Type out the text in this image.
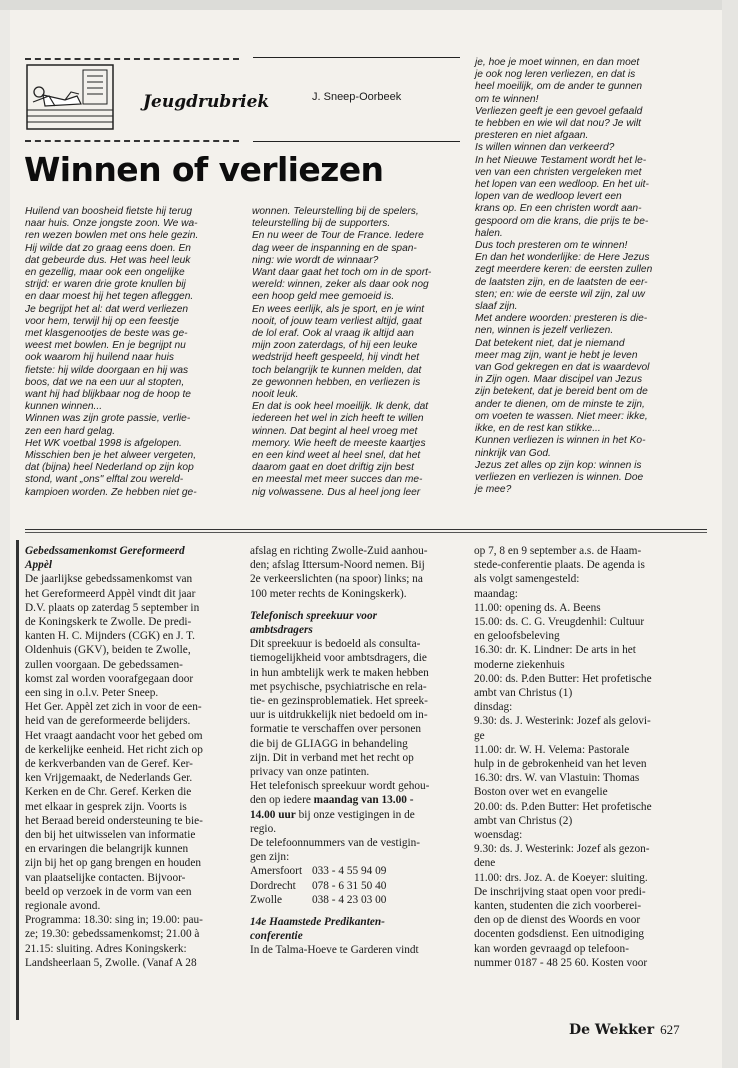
Jeugdrubriek	J. Sneep-Oorbeek
Winnen of verliezen
Huilend van boosheid fietste hij terug
naar huis. Onze jongste zoon. We wa-
ren wezen bowlen met ons hele gezin.
Hij wilde dat zo graag eens doen. En
dat gebeurde dus. Het was heel leuk
en gezellig, maar ook een ongelijke
strijd: er waren drie grote knullen bij
en daar moest hij het tegen afleggen.
Je begrijpt het al: dat werd verliezen
voor hem, terwijl hij op een feestje
met klasgenootjes de beste was ge-
weest met bowlen. En je begrijpt nu
ook waarom hij huilend naar huis
fietste: hij wilde doorgaan en hij was
boos, dat we na een uur al stopten,
want hij had blijkbaar nog de hoop te
kunnen winnen...
Winnen was zijn grote passie, verlie-
zen een hard gelag.
Het WK voetbal 1998 is afgelopen.
Misschien ben je het alweer vergeten,
dat (bijna) heel Nederland op zijn kop
stond, want „ons" elftal zou wereld-
kampioen worden. Ze hebben niet ge-
wonnen. Teleurstelling bij de spelers,
teleurstelling bij de supporters.
En nu weer de Tour de France. Iedere
dag weer de inspanning en de span-
ning: wie wordt de winnaar?
Want daar gaat het toch om in de sport-
wereld: winnen, zeker als daar ook nog
een hoop geld mee gemoeid is.
En wees eerlijk, als je sport, en je wint
nooit, of jouw team verliest altijd, gaat
de lol eraf. Ook al vraag ik altijd aan
mijn zoon zaterdags, of hij een leuke
wedstrijd heeft gespeeld, hij vindt het
toch belangrijk te kunnen melden, dat
ze gewonnen hebben, en verliezen is
nooit leuk.
En dat is ook heel moeilijk. Ik denk, dat
iedereen het wel in zich heeft te willen
winnen. Dat begint al heel vroeg met
memory. Wie heeft de meeste kaartjes
en een kind weet al heel snel, dat het
daarom gaat en doet driftig zijn best
en meestal met meer succes dan me-
nig volwassene. Dus al heel jong leer
je, hoe je moet winnen, en dan moet
je ook nog leren verliezen, en dat is
heel moeilijk, om de ander te gunnen
om te winnen!
Verliezen geeft je een gevoel gefaald
te hebben en wie wil dat nou? Je wilt
presteren en niet afgaan.
Is willen winnen dan verkeerd?
In het Nieuwe Testament wordt het le-
ven van een christen vergeleken met
het lopen van een wedloop. En het uit-
lopen van de wedloop levert een
krans op. En een christen wordt aan-
gespoord om die krans, die prijs te be-
halen.
Dus toch presteren om te winnen!
En dan het wonderlijke: de Here Jezus
zegt meerdere keren: de eersten zullen
de laatsten zijn, en de laatsten de eer-
sten; en: wie de eerste wil zijn, zal uw
slaaf zijn.
Met andere woorden: presteren is die-
nen, winnen is jezelf verliezen.
Dat betekent niet, dat je niemand
meer mag zijn, want je hebt je leven
van God gekregen en dat is waardevol
in Zijn ogen. Maar discipel van Jezus
zijn betekent, dat je bereid bent om de
ander te dienen, om de minste te zijn,
om voeten te wassen. Niet meer: ikke,
ikke, en de rest kan stikke...
Kunnen verliezen is winnen in het Ko-
ninkrijk van God.
Jezus zet alles op zijn kop: winnen is
verliezen en verliezen is winnen. Doe
je mee?
Gebedssamenkomst Gereformeerd
Appèl
De jaarlijkse gebedssamenkomst van
het Gereformeerd Appèl vindt dit jaar
D.V. plaats op zaterdag 5 september in
de Koningskerk te Zwolle. De predi-
kanten H. C. Mijnders (CGK) en J. T.
Oldenhuis (GKV), beiden te Zwolle,
zullen voorgaan. De gebedssamen-
komst zal worden voorafgegaan door
een sing in o.l.v. Peter Sneep.
Het Ger. Appèl zet zich in voor de een-
heid van de gereformeerde belijders.
Het vraagt aandacht voor het gebed om
de kerkelijke eenheid. Het richt zich op
de kerkverbanden van de Geref. Ker-
ken Vrijgemaakt, de Nederlands Ger.
Kerken en de Chr. Geref. Kerken die
met elkaar in gesprek zijn. Voorts is
het Beraad bereid ondersteuning te bie-
den bij het uitwisselen van informatie
en ervaringen die belangrijk kunnen
zijn bij het op gang brengen en houden
van plaatselijke contacten. Bijvoor-
beeld op verzoek in de vorm van een
regionale avond.
Programma: 18.30: sing in; 19.00: pau-
ze; 19.30: gebedssamenkomst; 21.00 à
21.15: sluiting. Adres Koningskerk:
Landsheerlaan 5, Zwolle. (Vanaf A 28
afslag en richting Zwolle-Zuid aanhou-
den; afslag Ittersum-Noord nemen. Bij
2e verkeerslichten (na spoor) links; na
100 meter rechts de Koningskerk).
Telefonisch spreekuur voor
ambtsdragers
Dit spreekuur is bedoeld als consulta-
tiemogelijkheid voor ambtsdragers, die
in hun ambtelijk werk te maken hebben
met psychische, psychiatrische en rela-
tie- en gezinsproblematiek. Het spreek-
uur is uitdrukkelijk niet bedoeld om in-
formatie te verschaffen over personen
die bij de GLIAGG in behandeling
zijn. Dit in verband met het recht op
privacy van onze patinten.
Het telefonisch spreekuur wordt gehou-
den op iedere maandag van 13.00 -
14.00 uur bij onze vestigingen in de
regio.
De telefoonnummers van de vestigin-
gen zijn:
Amersfoort 033 - 4 55 94 09
Dordrecht	078 - 6 31 50 40
Zwolle	038 - 4 23 03 00
14e Haamstede Predikanten-
conferentie
In de Talma-Hoeve te Garderen vindt
op 7, 8 en 9 september a.s. de Haam-
stede-conferentie plaats. De agenda is
als volgt samengesteld:
maandag:
11.00: opening ds. A. Beens
15.00: ds. C. G. Vreugdenhil: Cultuur
en geloofsbeleving
16.30: dr. K. Lindner: De arts in het
moderne ziekenhuis
20.00: ds. P.den Butter: Het profetische
ambt van Christus (1)
dinsdag:
9.30: ds. J. Westerink: Jozef als gelovi-
ge
11.00: dr. W. H. Velema: Pastorale
hulp in de gebrokenheid van het leven
16.30: drs. W. van Vlastuin: Thomas
Boston over wet en evangelie
20.00: ds. P.den Butter: Het profetische
ambt van Christus (2)
woensdag:
9.30: ds. J. Westerink: Jozef als gezon-
dene
11.00: drs. Joz. A. de Koeyer: sluiting.
De inschrijving staat open voor predi-
kanten, studenten die zich voorberei-
den op de dienst des Woords en voor
docenten godsdienst. Een uitnodiging
kan worden gevraagd op telefoon-
nummer 0187 - 48 25 60. Kosten voor
De Wekker 627
